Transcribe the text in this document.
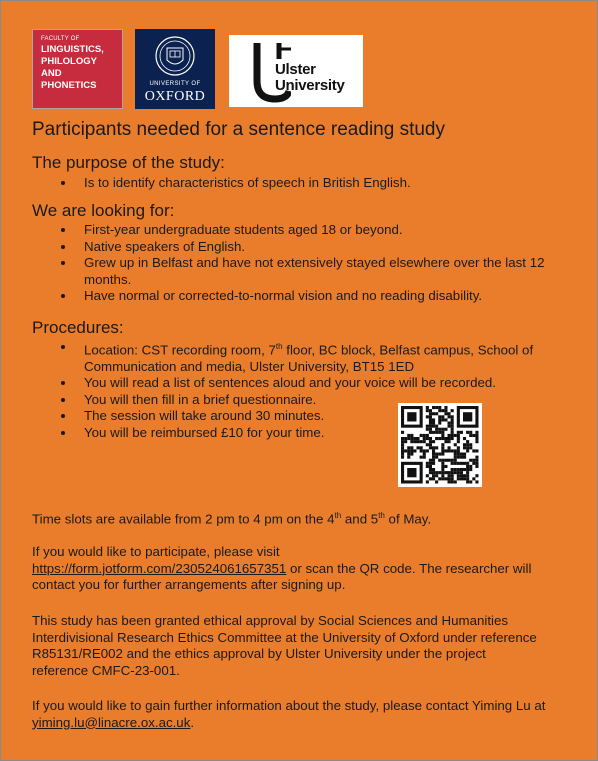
FACULTY OF
LINGUISTICS,
PHILOLOGY
AND
PHONETICS	UNIVERSITY OF
OXFORD
Ulster
University
Participants needed for a sentence reading study
The purpose of the study:
Is to identify characteristics of speech in British English.
We are looking for:
First-year undergraduate students aged 18 or beyond.
Native speakers of English.
Grew up in Belfast and have not extensively stayed elsewhere over the last 12 months.
Have normal or corrected-to-normal vision and no reading disability.
Procedures:
Location: CST recording room, 7th floor, BC block, Belfast campus, School of Communication and media, Ulster University, BT15 1ED
You will read a list of sentences aloud and your voice will be recorded.
You will then fill in a brief questionnaire.
The session will take around 30 minutes.
You will be reimbursed £10 for your time.

Time slots are available from 2 pm to 4 pm on the 4th and 5th of May.

If you would like to participate, please visit
https://form.jotform.com/230524061657351 or scan the QR code. The researcher will contact you for further arrangements after signing up.

This study has been granted ethical approval by Social Sciences and Humanities Interdivisional Research Ethics Committee at the University of Oxford under reference R85131/RE002 and the ethics approval by Ulster University under the project reference CMFC-23-001.

If you would like to gain further information about the study, please contact Yiming Lu at yiming.lu@linacre.ox.ac.uk.
